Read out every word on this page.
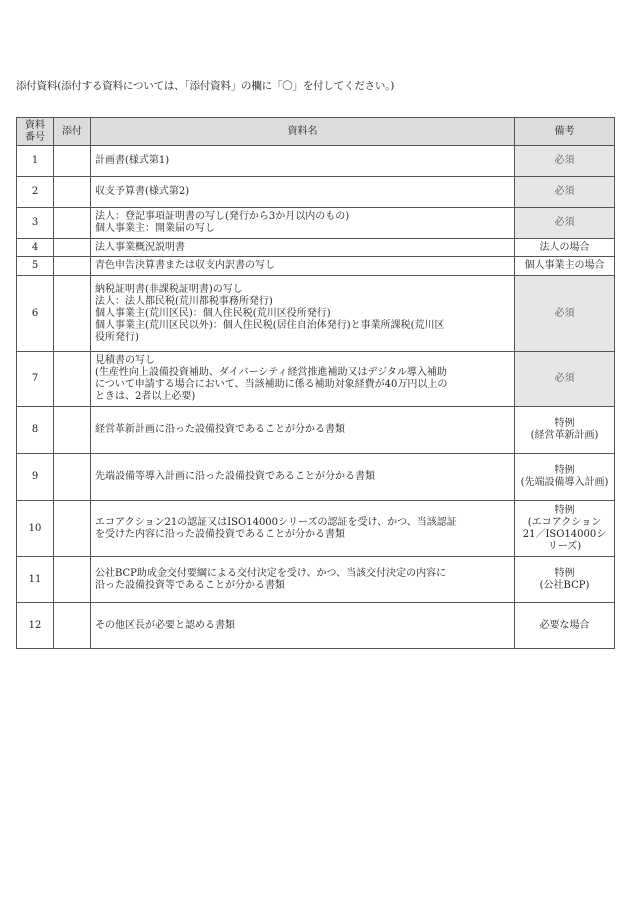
添付資料(添付する資料については、「添付資料」の欄に「〇」を付してください。)
資料
番号	添付	資料名	備考
1		計画書(様式第1)	必須

2		収支予算書(様式第2)	必須

3		法人：登記事項証明書の写し(発行から3か月以内のもの)
個人事業主：開業届の写し	必須

4		法人事業概況説明書	法人の場合

5		青色申告決算書または収支内訳書の写し	個人事業主の場合

6		納税証明書(非課税証明書)の写し
法人：法人都民税(荒川都税事務所発行)
個人事業主(荒川区民)：個人住民税(荒川区役所発行)
個人事業主(荒川区民以外)：個人住民税(居住自治体発行)と事業所課税(荒川区
役所発行)	必須

7		見積書の写し
(生産性向上設備投資補助、ダイバーシティ経営推進補助又はデジタル導入補助
について申請する場合において、当該補助に係る補助対象経費が40万円以上の
ときは、2者以上必要)	必須

8		経営革新計画に沿った設備投資であることが分かる書類	特例
(経営革新計画)

9		先端設備等導入計画に沿った設備投資であることが分かる書類	特例
(先端設備導入計画)

10		エコアクション21の認証又はISO14000シリーズの認証を受け、かつ、当該認証
を受けた内容に沿った設備投資であることが分かる書類	特例
(エコアクション
21／ISO14000シ
リーズ)

11		公社BCP助成金交付要綱による交付決定を受け、かつ、当該交付決定の内容に
沿った設備投資等であることが分かる書類	特例
(公社BCP)

12		その他区長が必要と認める書類	必要な場合
